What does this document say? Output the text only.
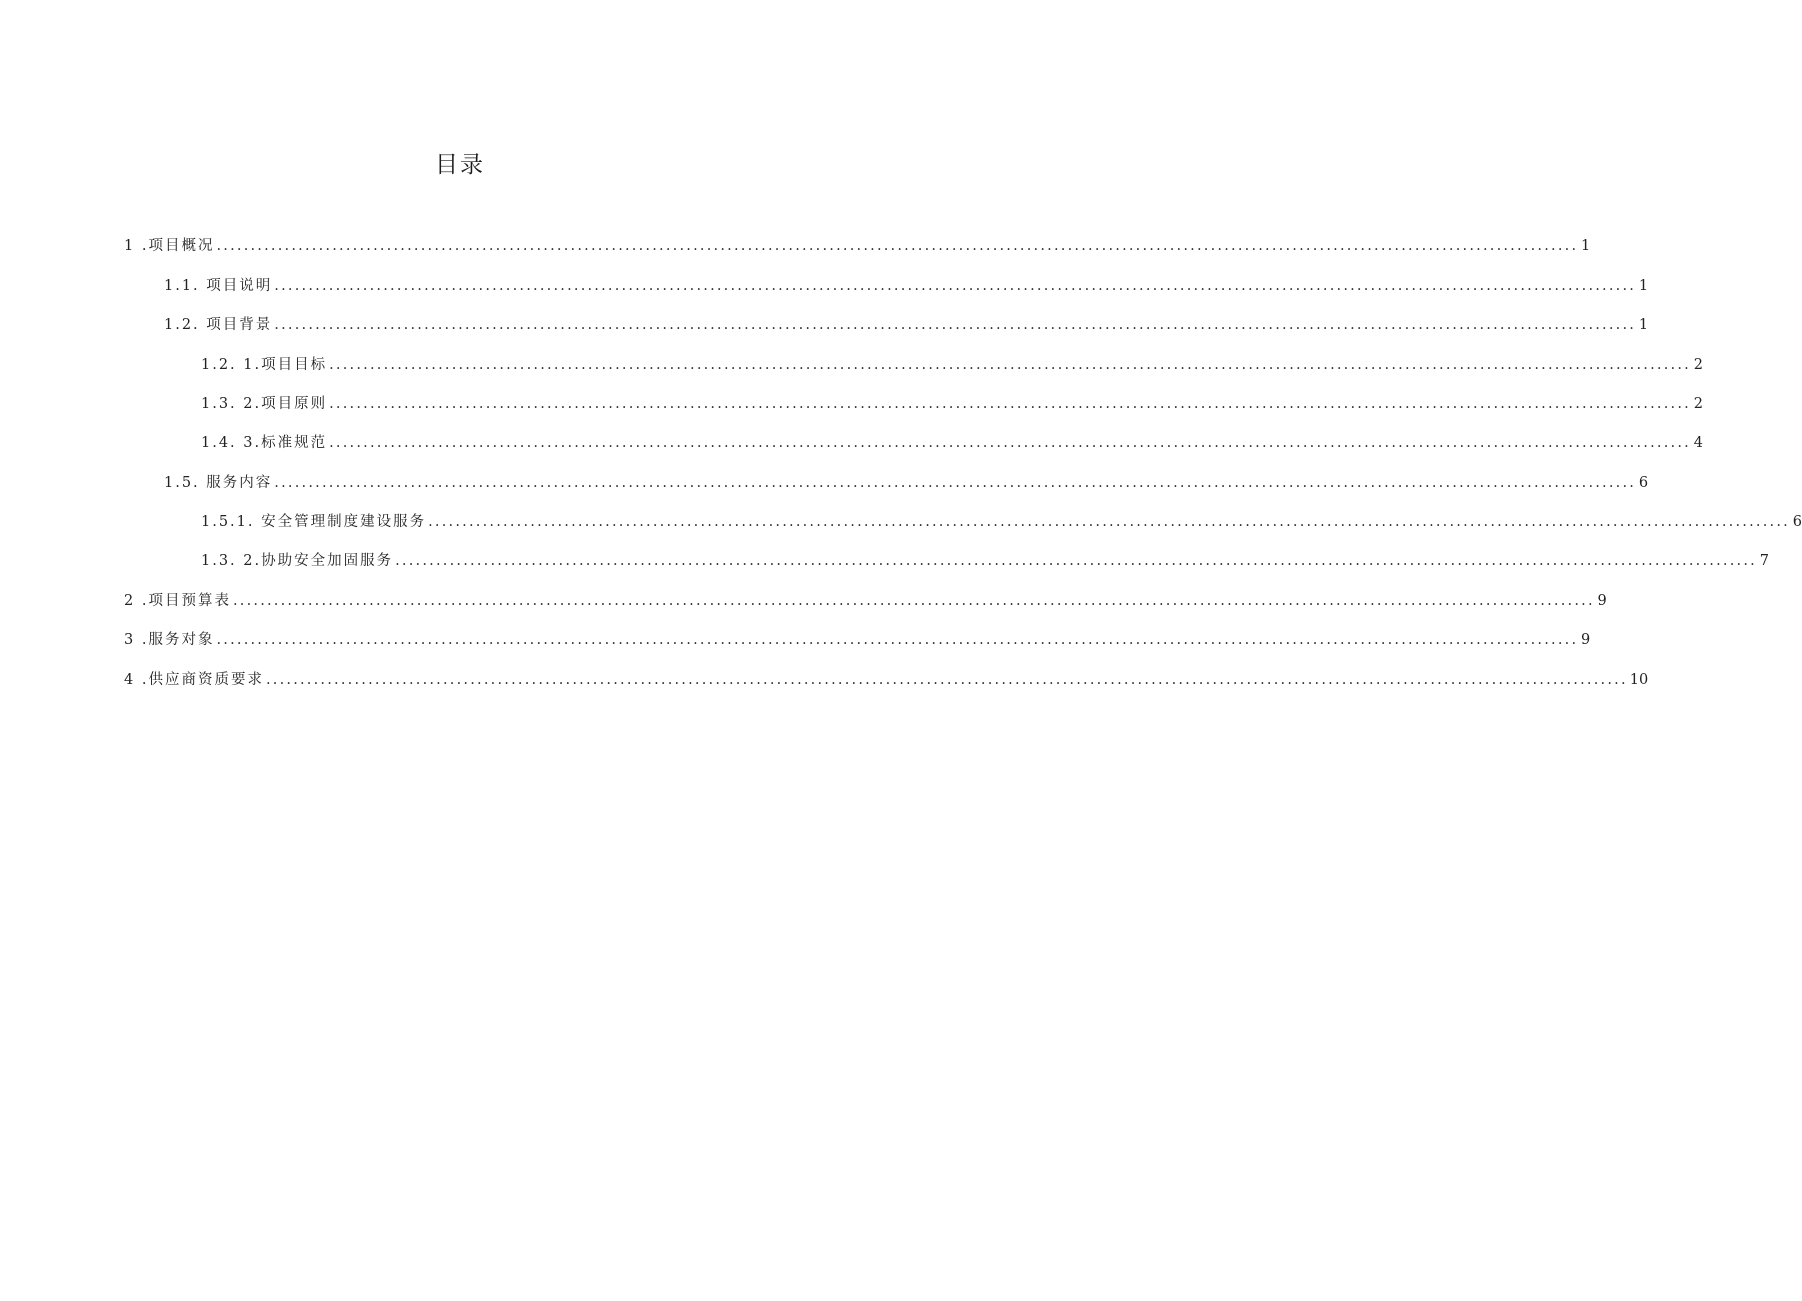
目录
1 .项目概况 ........................................................................................................................................................................................................ 1
1.1. 项目说明 ........................................................................................................................................................................................................ 1
1.2. 项目背景 ........................................................................................................................................................................................................ 1
1.2. 1.项目目标 ........................................................................................................................................................................................................ 2
1.3. 2.项目原则 ........................................................................................................................................................................................................ 2
1.4. 3.标准规范 ........................................................................................................................................................................................................ 4
1.5. 服务内容 ........................................................................................................................................................................................................ 6
1.5.1. 安全管理制度建设服务 ........................................................................................................................................................................................................ 6
1.3. 2.协助安全加固服务 ........................................................................................................................................................................................................ 7
2 .项目预算表 ........................................................................................................................................................................................................ 9
3 .服务对象 ........................................................................................................................................................................................................ 9
4 .供应商资质要求 ........................................................................................................................................................................................................ 10
